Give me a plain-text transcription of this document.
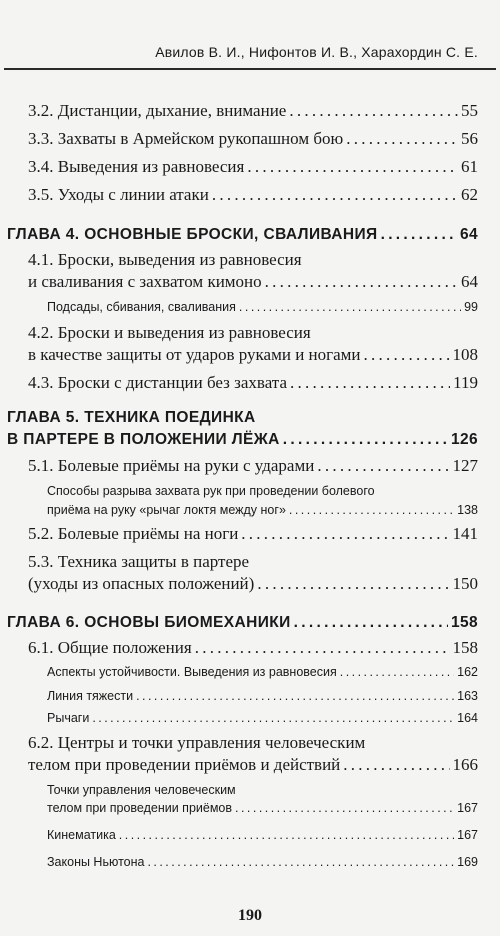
Авилов В. И., Нифонтов И. В., Харахордин С. Е.
3.2. Дистанции, дыхание, внимание . . .	55
3.3. Захваты в Армейском рукопашном бою . . .	56
3.4. Выведения из равновесия . . .	61
3.5. Уходы с линии атаки . . .	62
ГЛАВА 4. ОСНОВНЫЕ БРОСКИ, СВАЛИВАНИЯ . . .	64
4.1. Броски, выведения из равновесия
и сваливания с захватом кимоно . . .	64
Подсады, сбивания, сваливания . . .	99
4.2. Броски и выведения из равновесия
в качестве защиты от ударов руками и ногами . . .	108
4.3. Броски с дистанции без захвата . . .	119
ГЛАВА 5. ТЕХНИКА ПОЕДИНКА
В ПАРТЕРЕ В ПОЛОЖЕНИИ ЛЁЖА . . .	126
5.1. Болевые приёмы на руки с ударами . . .	127
Способы разрыва захвата рук при проведении болевого
приёма на руку «рычаг локтя между ног» . . .	138
5.2. Болевые приёмы на ноги . . .	141
5.3. Техника защиты в партере
(уходы из опасных положений) . . .	150
ГЛАВА 6. ОСНОВЫ БИОМЕХАНИКИ . . .	158
6.1. Общие положения . . .	158
Аспекты устойчивости. Выведения из равновесия . . .	162
Линия тяжести . . .	163
Рычаги . . .	164
6.2. Центры и точки управления человеческим
телом при проведении приёмов и действий . . .	166
Точки управления человеческим
телом при проведении приёмов . . .	167
Кинематика . . .	167
Законы Ньютона . . .	169
190
